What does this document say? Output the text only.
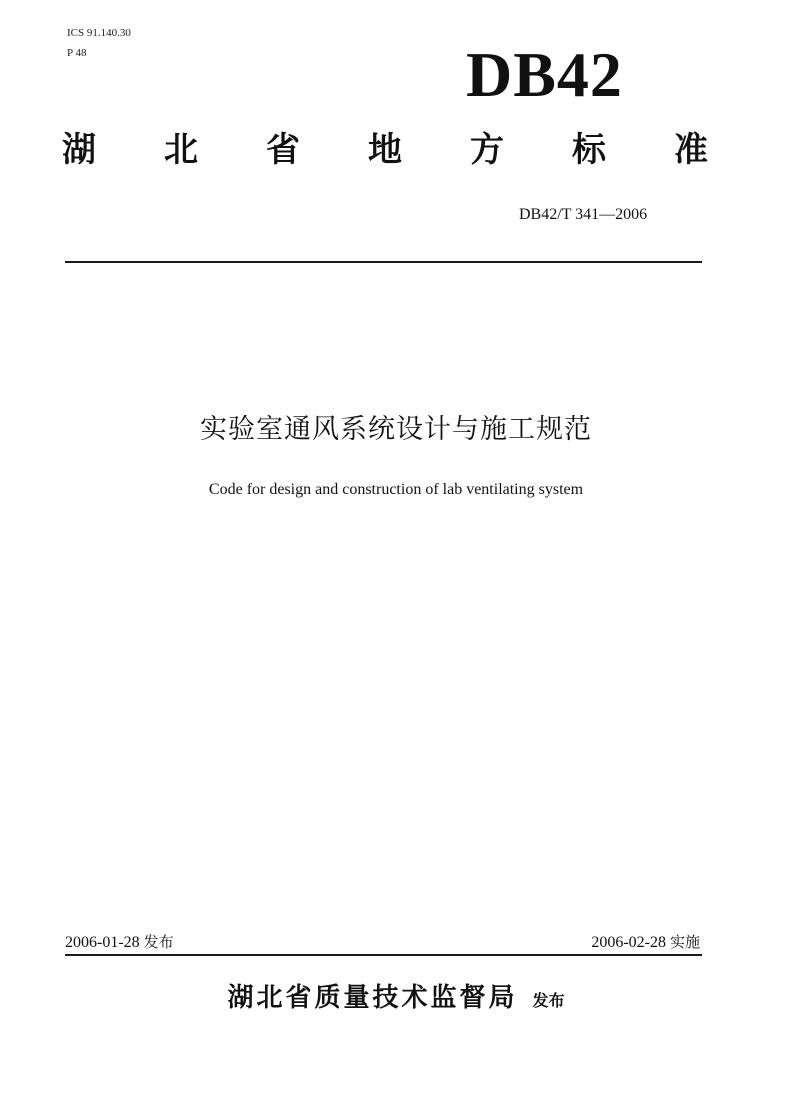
ICS 91.140.30
P 48	DB42
湖 北 省 地 方 标 准
DB42/T 341—2006
实验室通风系统设计与施工规范
Code for design and construction of lab ventilating system
2006-01-28 发布	2006-02-28 实施
湖北省质量技术监督局 发布
